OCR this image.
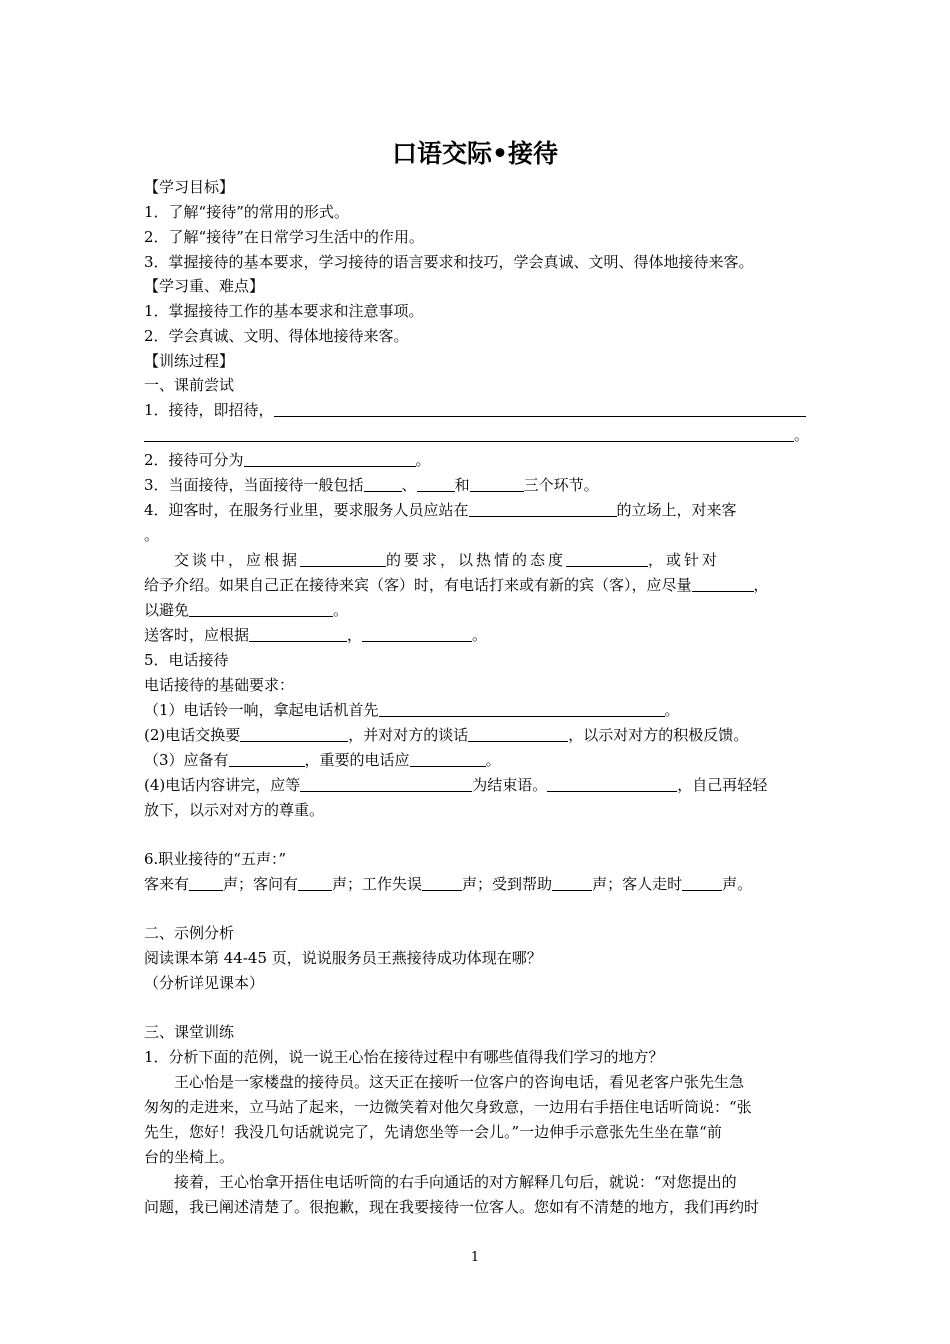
口语交际•接待
【学习目标】
1．了解“接待”的常用的形式。
2．了解“接待”在日常学习生活中的作用。
3．掌握接待的基本要求，学习接待的语言要求和技巧，学会真诚、文明、得体地接待来客。
【学习重、难点】
1．掌握接待工作的基本要求和注意事项。
2．学会真诚、文明、得体地接待来客。
【训练过程】
一、课前尝试
1．接待，即招待，
。
2．接待可分为	。
3．当面接待，当面接待一般包括	、	和	三个环节。
4．迎客时，在服务行业里，要求服务人员应站在	的立场上，对来客
。
交谈中，应根据	的要求，以热情的态度	，或针对
给予介绍。如果自己正在接待来宾（客）时，有电话打来或有新的宾（客），应尽量	，
以避免	。
送客时，应根据	，	。
5．电话接待
电话接待的基础要求：
（1）电话铃一响，拿起电话机首先	。
(2)电话交换要	，并对对方的谈话	，以示对对方的积极反馈。
（3）应备有	，重要的电话应	。
(4)电话内容讲完，应等	为结束语。	，自己再轻轻
放下，以示对对方的尊重。
6.职业接待的“五声：”
客来有 声；客问有 声；工作失误	声；受到帮助	声；客人走时	声。
二、示例分析
阅读课本第 44-45 页，说说服务员王燕接待成功体现在哪？
（分析详见课本）
三、课堂训练
1．分析下面的范例，说一说王心怡在接待过程中有哪些值得我们学习的地方？
王心怡是一家楼盘的接待员。这天正在接听一位客户的咨询电话，看见老客户张先生急
匆匆的走进来，立马站了起来，一边微笑着对他欠身致意，一边用右手捂住电话听筒说：“张
先生，您好！我没几句话就说完了，先请您坐等一会儿。”一边伸手示意张先生坐在靠“前
台的坐椅上。
接着，王心怡拿开捂住电话听筒的右手向通话的对方解释几句后，就说：“对您提出的
问题，我已阐述清楚了。很抱歉，现在我要接待一位客人。您如有不清楚的地方，我们再约时
1
